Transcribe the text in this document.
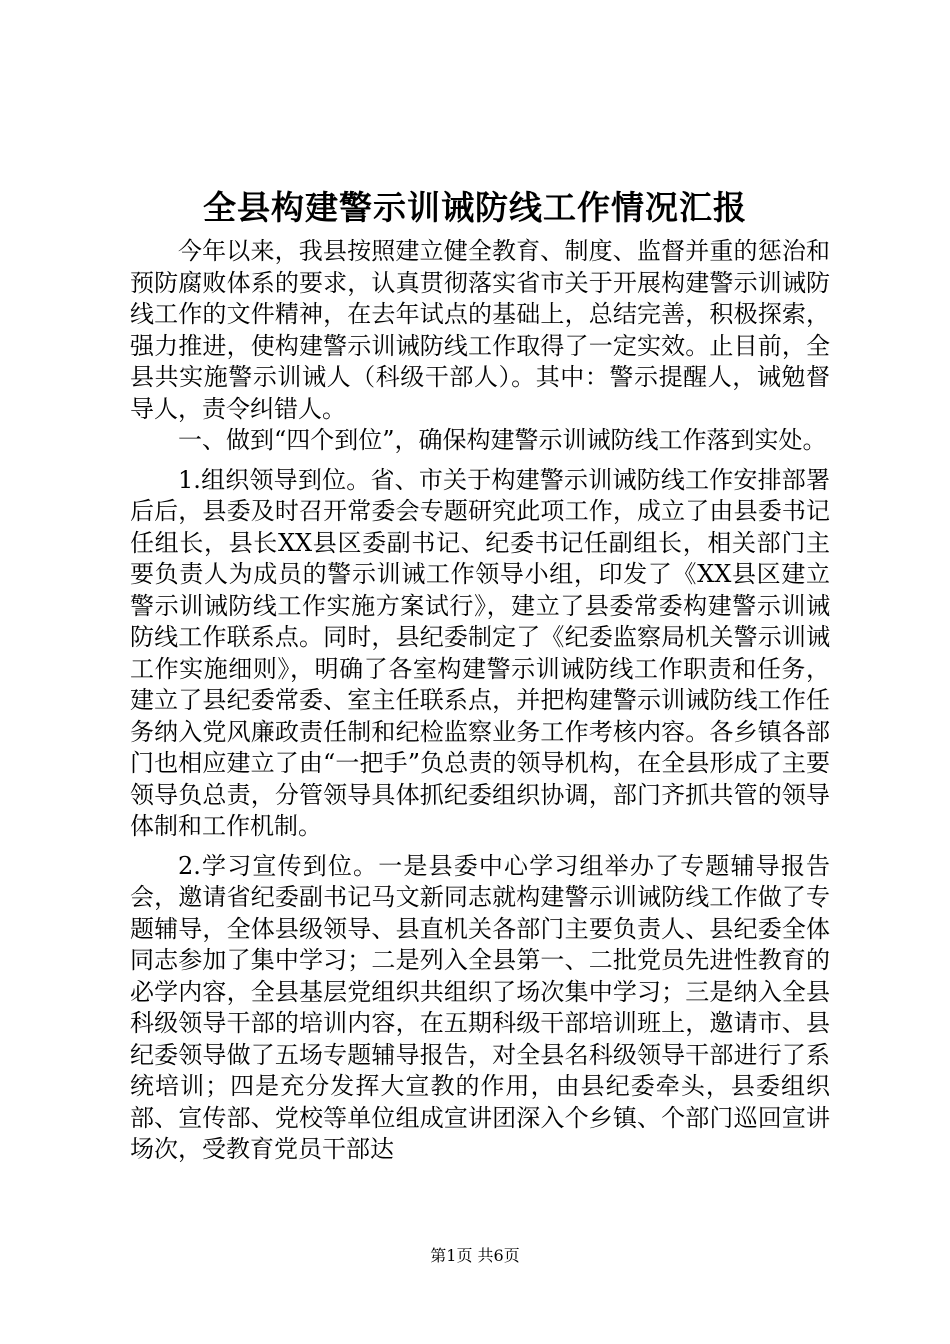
全县构建警示训诫防线工作情况汇报

今年以来，我县按照建立健全教育、制度、监督并重的惩治和预防腐败体系的要求，认真贯彻落实省市关于开展构建警示训诫防线工作的文件精神，在去年试点的基础上，总结完善，积极探索，强力推进，使构建警示训诫防线工作取得了一定实效。止目前，全县共实施警示训诫人（科级干部人）。其中：警示提醒人，诫勉督导人，责令纠错人。

一、做到“四个到位”，确保构建警示训诫防线工作落到实处。

1.组织领导到位。省、市关于构建警示训诫防线工作安排部署后后，县委及时召开常委会专题研究此项工作，成立了由县委书记任组长，县长XX县区委副书记、纪委书记任副组长，相关部门主要负责人为成员的警示训诫工作领导小组，印发了《XX县区建立警示训诫防线工作实施方案试行》，建立了县委常委构建警示训诫防线工作联系点。同时，县纪委制定了《纪委监察局机关警示训诫工作实施细则》，明确了各室构建警示训诫防线工作职责和任务，建立了县纪委常委、室主任联系点，并把构建警示训诫防线工作任务纳入党风廉政责任制和纪检监察业务工作考核内容。各乡镇各部门也相应建立了由“一把手”负总责的领导机构，在全县形成了主要领导负总责，分管领导具体抓纪委组织协调，部门齐抓共管的领导体制和工作机制。

2.学习宣传到位。一是县委中心学习组举办了专题辅导报告会，邀请省纪委副书记马文新同志就构建警示训诫防线工作做了专题辅导，全体县级领导、县直机关各部门主要负责人、县纪委全体同志参加了集中学习；二是列入全县第一、二批党员先进性教育的必学内容，全县基层党组织共组织了场次集中学习；三是纳入全县科级领导干部的培训内容，在五期科级干部培训班上，邀请市、县纪委领导做了五场专题辅导报告，对全县名科级领导干部进行了系统培训；四是充分发挥大宣教的作用，由县纪委牵头，县委组织部、宣传部、党校等单位组成宣讲团深入个乡镇、个部门巡回宣讲场次，受教育党员干部达

第1页 共6页
